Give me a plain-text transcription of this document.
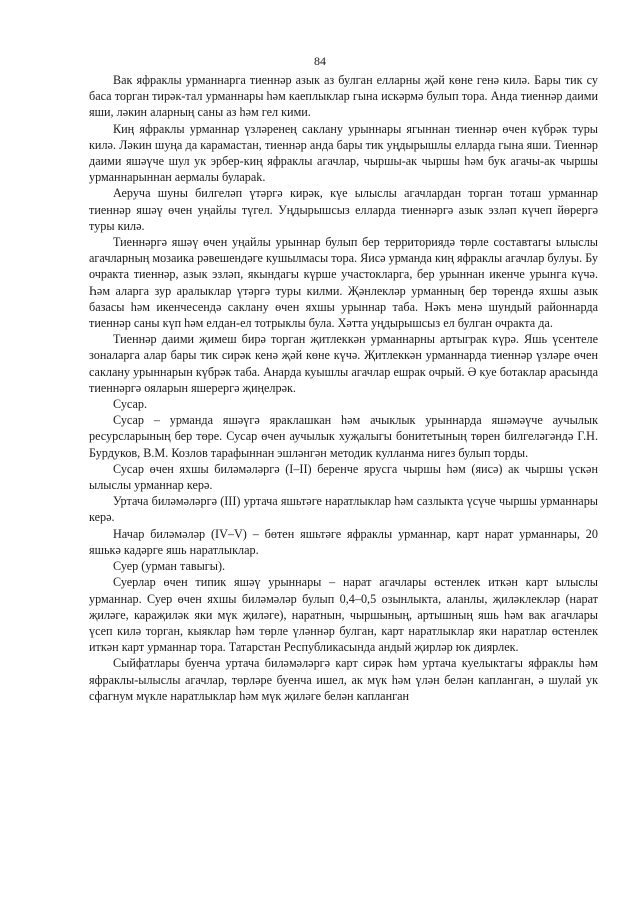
84

Вак яфраклы урманнарга тиеннәр азык аз булган елларны җәй көне генә килә. Бары тик су баса торган тирәк-тал урманнары һәм каеплыклар гына искәрмә булып тора. Анда тиеннәр даими яши, ләкин аларның саны аз һәм гел кими.

Киң яфраклы урманнар үзләренең саклану урыннары ягыннан тиеннәр өчен күбрәк туры килә. Ләкин шуңа да карамастан, тиеннәр анда бары тик уңдырышлы елларда гына яши. Тиеннәр даими яшәүче шул ук эрбер-киң яфраклы агачлар, чыршы-ак чыршы һәм бук агачы-ак чыршы урманнарыннан аермалы булараk.

Аеруча шуны билгеләп үтәргә кирәк, күе ылыслы агачлардан торган тоташ урманнар тиеннәр яшәү өчен уңайлы түгел. Уңдырышсыз елларда тиеннәргә азык эзләп күчеп йөрергә туры килә.

Тиеннәргә яшәү өчен уңайлы урыннар булып бер территориядә төрле составтагы ылыслы агачларның мозаика рәвешендәге кушылмасы тора. Яисә урманда киң яфраклы агачлар булуы. Бу очракта тиеннәр, азык эзләп, якындагы күрше участокларга, бер урыннан икенче урынга күчә. Һәм аларга зур аралыклар үтәргә туры килми. Җәнлекләр урманның бер төрендә яхшы азык базасы һәм икенчесендә саклану өчен яхшы урыннар таба. Нәкъ менә шундый районнарда тиеннәр саны күп һәм елдан-ел тотрыклы була. Хәтта уңдырышсыз ел булган очракта да.

Тиеннәр даими җимеш бирә торган җитлеккән урманнарны артыграк күрә. Яшь үсентеле зоналарга алар бары тик сирәк кенә җәй көне күчә. Җитлеккән урманнарда тиеннәр үзләре өчен саклану урыннарын күбрәк таба. Анарда куышлы агачлар ешрак очрый. Ә куе ботаклар арасында тиеннәргә ояларын яшерергә җиңелрәк.

Сусар.

Сусар – урманда яшәүгә яраклашкан һәм ачыклык урыннарда яшәмәүче аучылык ресурсларының бер төре. Сусар өчен аучылык хуҗалыгы бонитетының төрен билгеләгәндә Г.Н. Бурдуков, В.М. Козлов тарафыннан эшләнгән методик кулланма нигез булып торды.

Сусар өчен яхшы биләмәләргә (I–II) беренче ярусга чыршы һәм (яисә) ак чыршы үскән ылыслы урманнар керә.

Уртача биләмәләргә (III) уртача яшьтәге наратлыклар һәм сазлыкта үсүче чыршы урманнары керә.

Начар биләмәләр (IV–V) – бөтен яшьтәге яфраклы урманнар, карт нарат урманнары, 20 яшькә кадәрге яшь наратлыклар.

Суер (урман тавыгы).

Суерлар өчен типик яшәү урыннары – нарат агачлары өстенлек иткән карт ылыслы урманнар. Суер өчен яхшы биләмәләр булып 0,4–0,5 озынлыкта, аланлы, җиләклекләр (нарат җиләге, караҗиләк яки мүк җиләге), наратнын, чыршының, артышның яшь һәм вак агачлары үсеп килә торган, кыяклар һәм төрле үләннәр булган, карт наратлыклар яки наратлар өстенлек иткән карт урманнар тора. Татарстан Республикасында андый җирләр юк диярлек.

Сыйфатлары буенча уртача биләмәләргә карт сирәк һәм уртача куелыктагы яфраклы һәм яфраклы-ылыслы агачлар, төрләре буенча ишел, ак мүк һәм үлән белән капланган, ә шулай ук сфагнум мүкле наратлыклар һәм мүк җиләге белән капланган
